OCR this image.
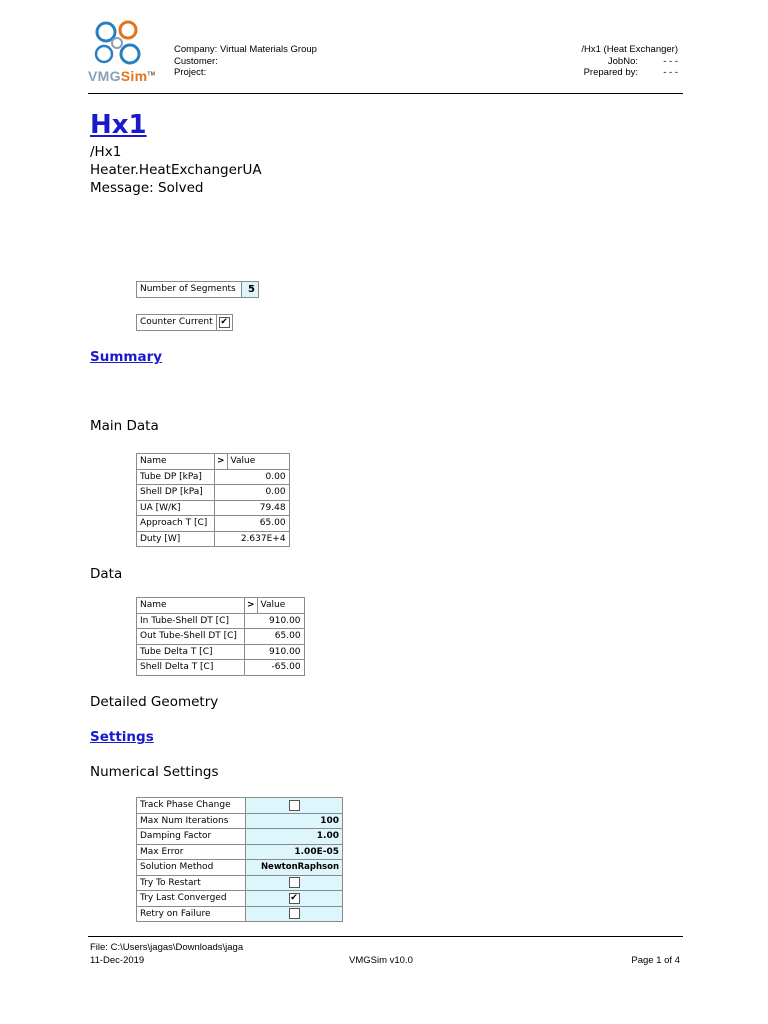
VMGSim™
Company: Virtual Materials Group
Customer:
Project:
/Hx1 (Heat Exchanger)
JobNo:	- - -
Prepared by:	- - -
Hx1
/Hx1
Heater.HeatExchangerUA
Message: Solved
Number of Segments	5
Counter Current	✔
Summary
Main Data
Name	>	Value
Tube DP [kPa]	0.00	
Shell DP [kPa]	0.00	
UA [W/K]	79.48	
Approach T [C]	65.00	
Duty [W]	2.637E+4	
Data
Name	>	Value
In Tube-Shell DT [C]	910.00	
Out Tube-Shell DT [C]	65.00	
Tube Delta T [C]	910.00	
Shell Delta T [C]	-65.00	
Detailed Geometry
Settings
Numerical Settings
Track Phase Change	
Max Num Iterations	100
Damping Factor	1.00
Max Error	1.00E-05
Solution Method	NewtonRaphson
Try To Restart	
Try Last Converged	✔
Retry on Failure	
File: C:\Users\jagas\Downloads\jaga
11-Dec-2019	VMGSim v10.0	Page 1 of 4
